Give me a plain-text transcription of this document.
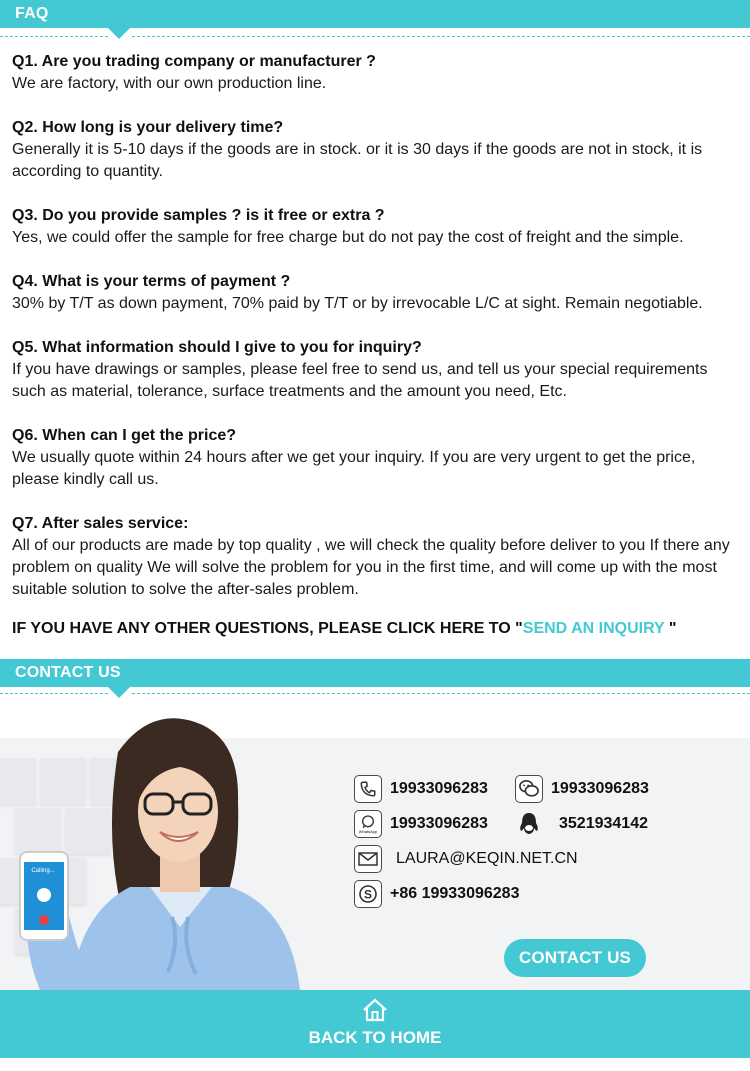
FAQ

Q1. Are you trading company or manufacturer ?

We are factory, with our own production line.

Q2. How long is your delivery time?

Generally it is 5-10 days if the goods are in stock. or it is 30 days if the goods are not in stock, it is according to quantity.

Q3. Do you provide samples ? is it free or extra ?

Yes, we could offer the sample for free charge but do not pay the cost of freight and the simple.

Q4. What is your terms of payment ?

30% by T/T as down payment, 70% paid by T/T or by irrevocable L/C at sight. Remain negotiable.

Q5. What information should I give to you for inquiry?

If you have drawings or samples, please feel free to send us, and tell us your special requirements such as material, tolerance, surface treatments and the amount you need, Etc.

Q6. When can I get the price?

We usually quote within 24 hours after we get your inquiry. If you are very urgent to get the price, please kindly call us.

Q7. After sales service:

All of our products are made by top quality , we will check the quality before deliver to you If there any problem on quality We will solve the problem for you in the first time, and will come up with the most suitable solution to solve the after-sales problem.

IF YOU HAVE ANY OTHER QUESTIONS, PLEASE CLICK HERE TO "SEND AN INQUIRY "
CONTACT US
Calling...
19933096283	19933096283
WhatsApp 19933096283	3521934142
LAURA@KEQIN.NET.CN
S +86 19933096283
CONTACT US
BACK TO HOME
